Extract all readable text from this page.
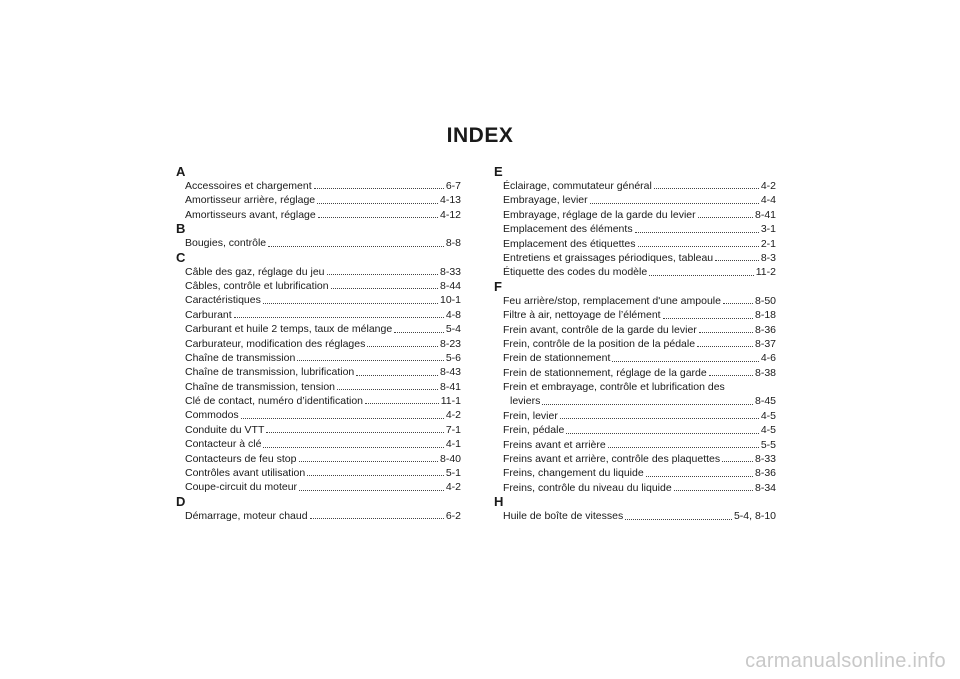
INDEX
A
Accessoires et chargement	6-7
Amortisseur arrière, réglage	4-13
Amortisseurs avant, réglage	4-12
B
Bougies, contrôle	8-8
C
Câble des gaz, réglage du jeu	8-33
Câbles, contrôle et lubrification	8-44
Caractéristiques	10-1
Carburant	4-8
Carburant et huile 2 temps, taux de mélange	5-4
Carburateur, modification des réglages	8-23
Chaîne de transmission	5-6
Chaîne de transmission, lubrification	8-43
Chaîne de transmission, tension	8-41
Clé de contact, numéro d’identification	11-1
Commodos	4-2
Conduite du VTT	7-1
Contacteur à clé	4-1
Contacteurs de feu stop	8-40
Contrôles avant utilisation	5-1
Coupe-circuit du moteur	4-2
D
Démarrage, moteur chaud	6-2
E
Éclairage, commutateur général	4-2
Embrayage, levier	4-4
Embrayage, réglage de la garde du levier	8-41
Emplacement des éléments	3-1
Emplacement des étiquettes	2-1
Entretiens et graissages périodiques, tableau	8-3
Étiquette des codes du modèle	11-2
F
Feu arrière/stop, remplacement d'une ampoule	8-50
Filtre à air, nettoyage de l’élément	8-18
Frein avant, contrôle de la garde du levier	8-36
Frein, contrôle de la position de la pédale	8-37
Frein de stationnement	4-6
Frein de stationnement, réglage de la garde	8-38
Frein et embrayage, contrôle et lubrification des
leviers	8-45
Frein, levier	4-5
Frein, pédale	4-5
Freins avant et arrière	5-5
Freins avant et arrière, contrôle des plaquettes	8-33
Freins, changement du liquide	8-36
Freins, contrôle du niveau du liquide	8-34
H
Huile de boîte de vitesses	5-4, 8-10
carmanualsonline.info
